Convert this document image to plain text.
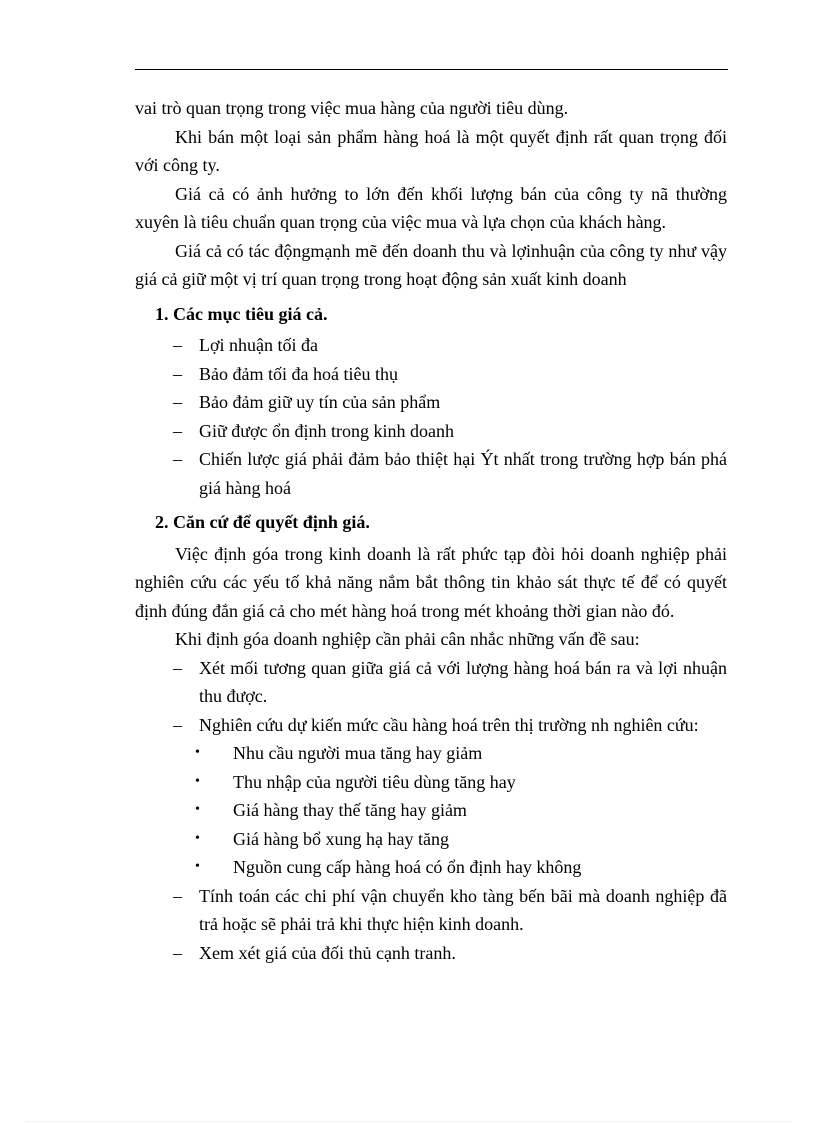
vai trò quan trọng trong việc mua hàng của người tiêu dùng.

Khi bán một loại sản phẩm hàng hoá là một quyết định rất quan trọng đối với công ty.

Giá cả có ảnh hưởng to lớn đến khối lượng bán của công ty nã thường xuyên là tiêu chuẩn quan trọng của việc mua và lựa chọn của khách hàng.

Giá cả có tác độngmạnh mẽ đến doanh thu và lợinhuận của công ty như vậy giá cả giữ một vị trí quan trọng trong hoạt động sản xuất kinh doanh

1. Các mục tiêu giá cả.
– Lợi nhuận tối đa
– Bảo đảm tối đa hoá tiêu thụ
– Bảo đảm giữ uy tín của sản phẩm
– Giữ được ổn định trong kinh doanh
– Chiến lược giá phải đảm bảo thiệt hại Ýt nhất trong trường hợp bán phá giá hàng hoá
2. Căn cứ để quyết định giá.

Việc định góa trong kinh doanh là rất phức tạp đòi hỏi doanh nghiệp phải nghiên cứu các yếu tố khả năng nắm bắt thông tin khảo sát thực tế để có quyết định đúng đắn giá cả cho mét hàng hoá trong mét khoảng thời gian nào đó.

Khi định góa doanh nghiệp cần phải cân nhắc những vấn đề sau:

– Xét mối tương quan giữa giá cả với lượng hàng hoá bán ra và lợi nhuận thu được.
– Nghiên cứu dự kiến mức cầu hàng hoá trên thị trường nh nghiên cứu:
• Nhu cầu người mua tăng hay giảm
• Thu nhập của người tiêu dùng tăng hay
• Giá hàng thay thế tăng hay giảm
• Giá hàng bổ xung hạ hay tăng
• Nguồn cung cấp hàng hoá có ổn định hay không
– Tính toán các chi phí vận chuyển kho tàng bến bãi mà doanh nghiệp đã trả hoặc sẽ phải trả khi thực hiện kinh doanh.
– Xem xét giá của đối thủ cạnh tranh.
